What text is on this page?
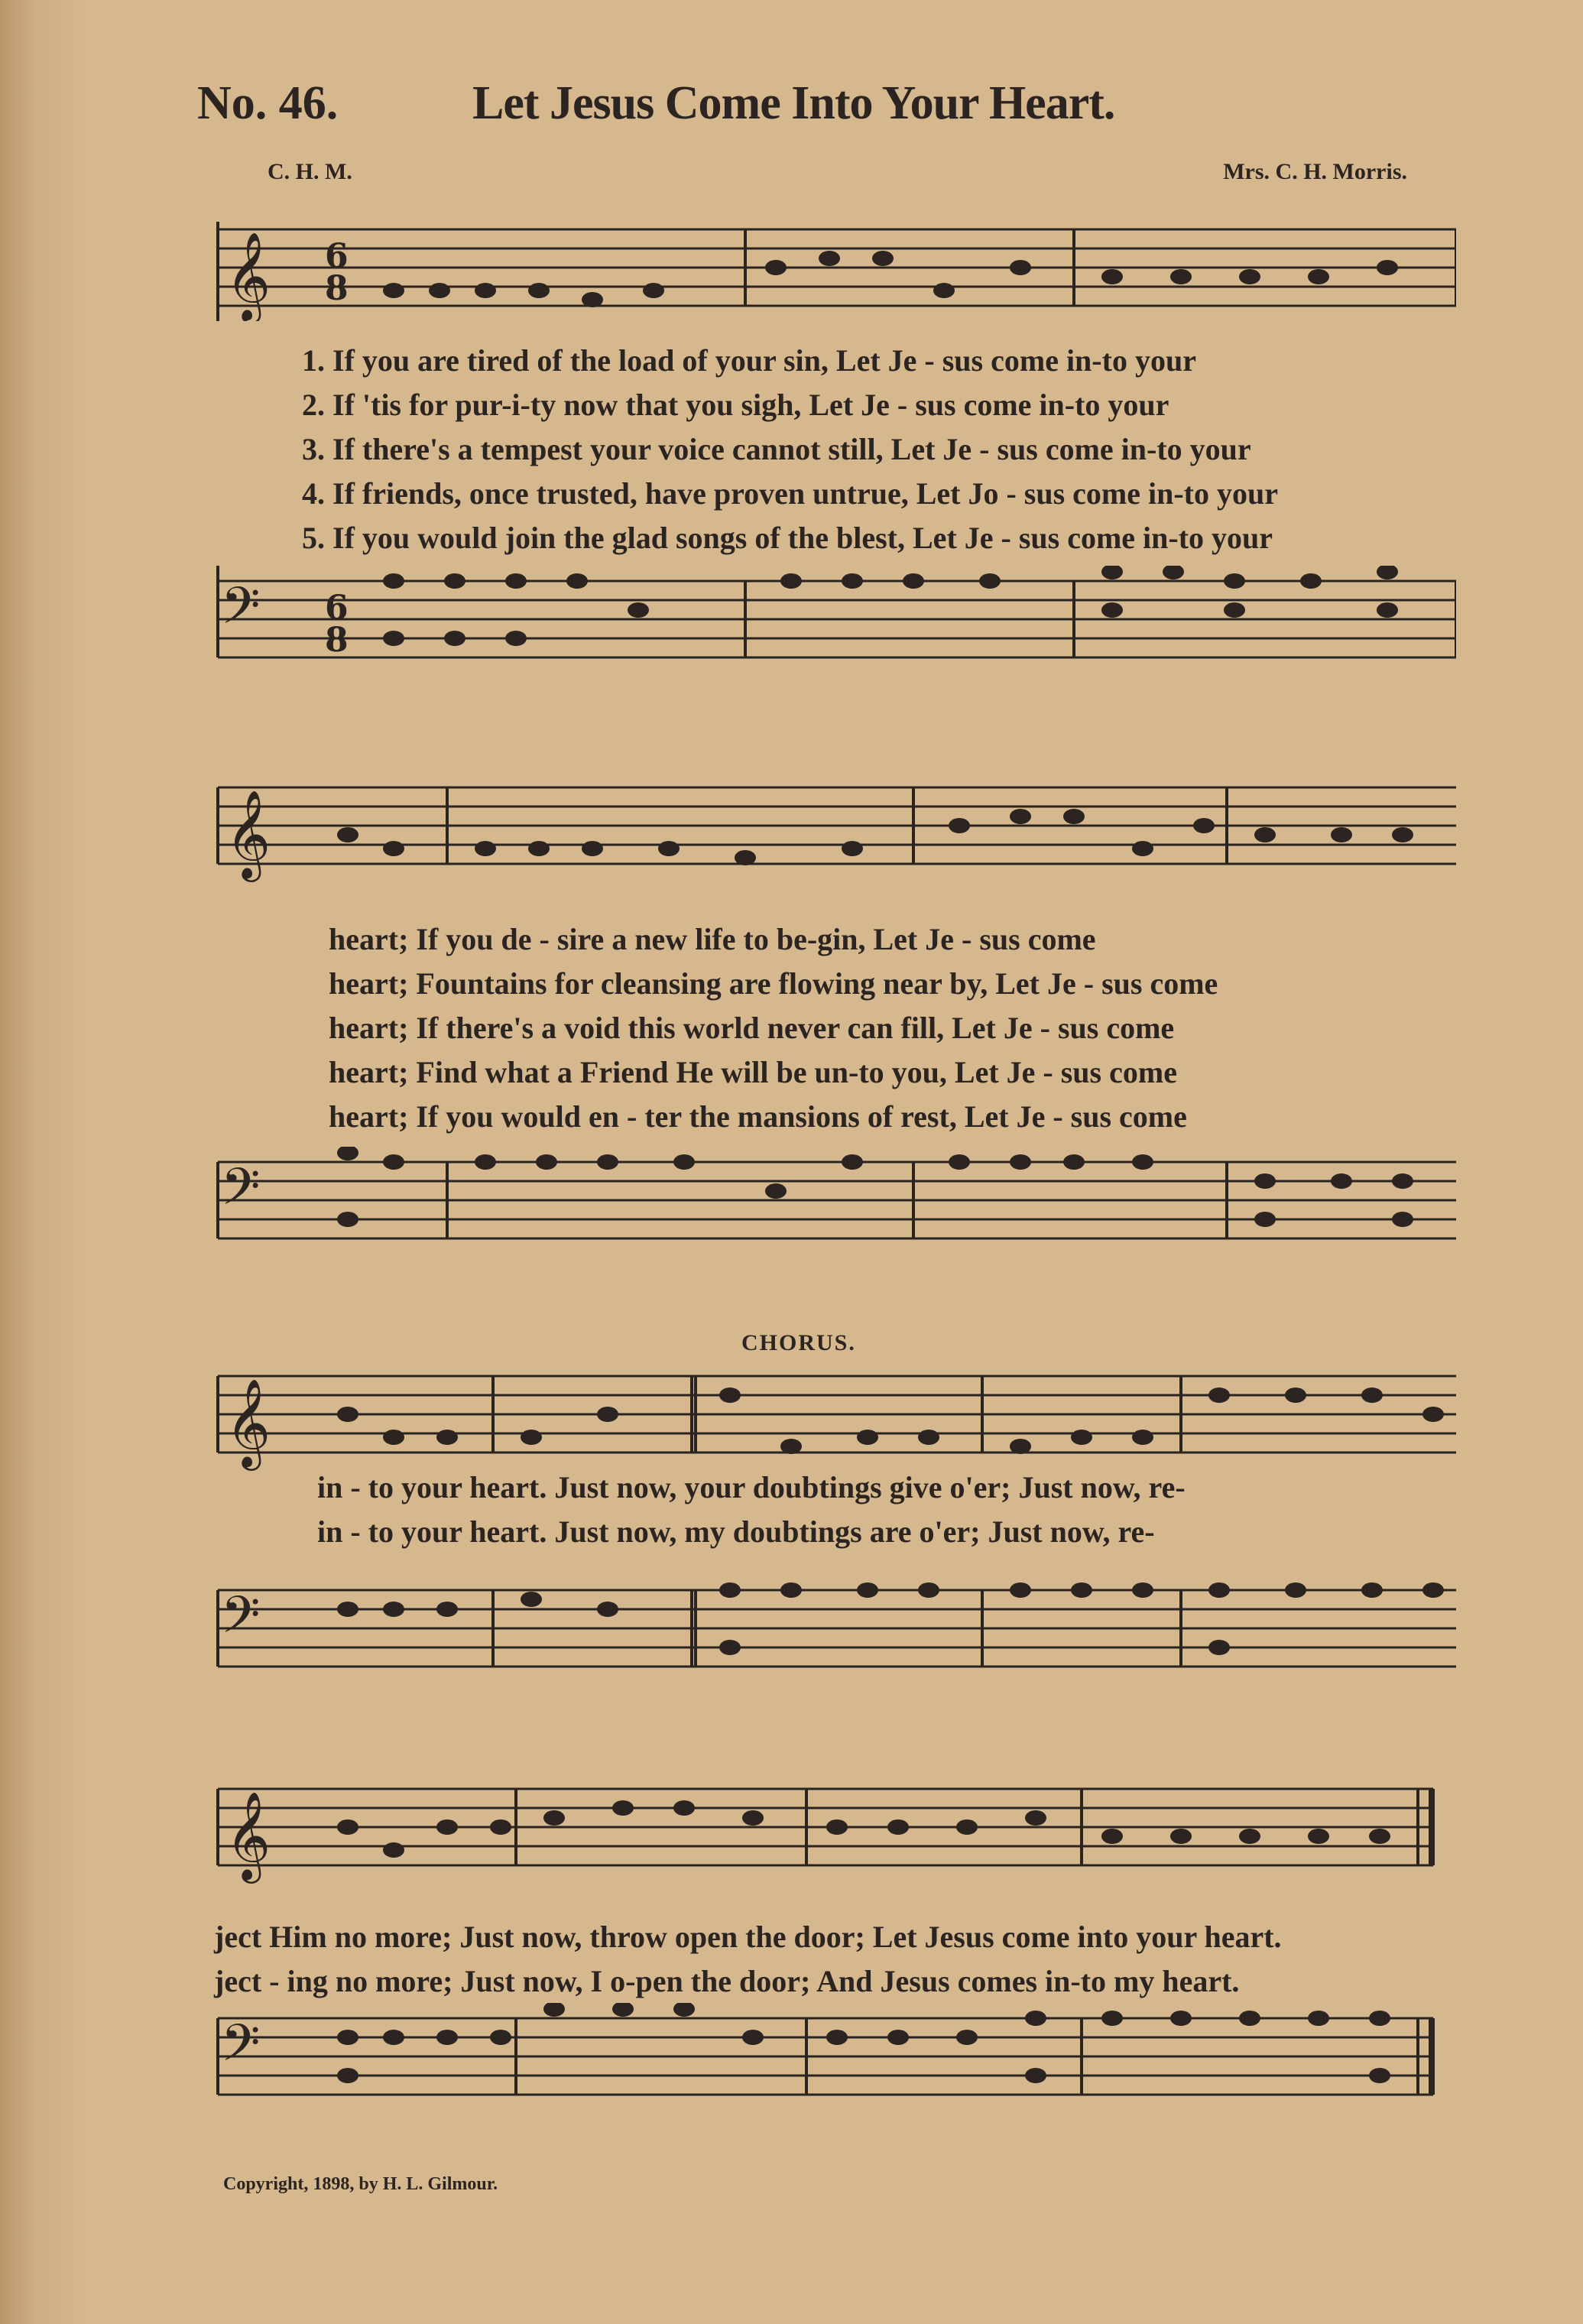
No. 46.	Let Jesus Come Into Your Heart.
C. H. M.	Mrs. C. H. Morris.
𝄞 6
8
1. If you are tired of the load of your sin, Let Je - sus come in-to your
2. If 'tis for pur-i-ty now that you sigh, Let Je - sus come in-to your
3. If there's a tempest your voice cannot still, Let Je - sus come in-to your
4. If friends, once trusted, have proven untrue, Let Jo - sus come in-to your
5. If you would join the glad songs of the blest, Let Je - sus come in-to your
𝄢 6
8
𝄞
heart; If you de - sire a new life to be-gin, Let Je - sus come
heart; Fountains for cleansing are flowing near by, Let Je - sus come
heart; If there's a void this world never can fill, Let Je - sus come
heart; Find what a Friend He will be un-to you, Let Je - sus come
heart; If you would en - ter the mansions of rest, Let Je - sus come
𝄢
CHORUS.
𝄞
in - to your heart. Just now, your doubtings give o'er; Just now, re-
in - to your heart. Just now, my doubtings are o'er; Just now, re-
𝄢
𝄞
ject Him no more; Just now, throw open the door; Let Jesus come into your heart.
ject - ing no more; Just now, I o-pen the door; And Jesus comes in-to my heart.
𝄢
Copyright, 1898, by H. L. Gilmour.
